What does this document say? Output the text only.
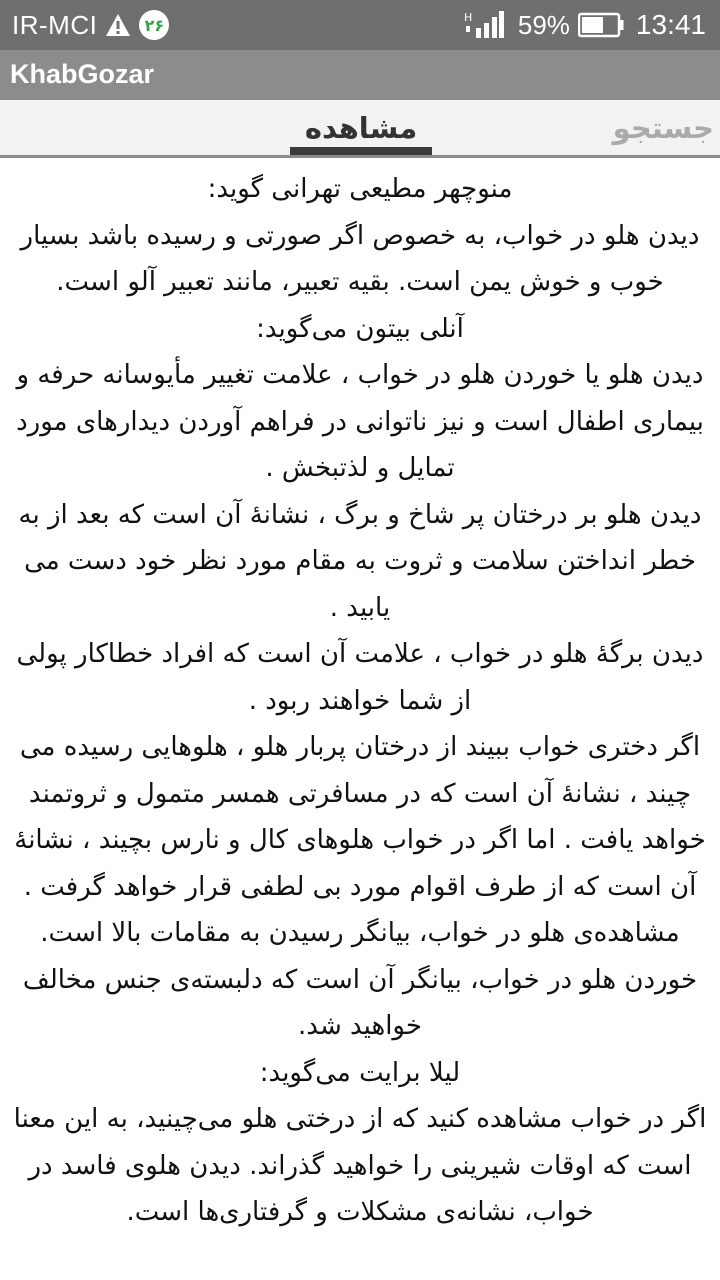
IR-MCI	۲۶	H 59% 13:41
KhabGozar
مشاهده	جستجو

منوچهر مطیعی تهرانی گوید:

دیدن هلو در خواب، به خصوص اگر صورتی و رسیده باشد بسیار خوب و خوش یمن است. بقیه تعبیر، مانند تعبیر آلو است.

آنلی بیتون می‌گوید:

دیدن هلو یا خوردن هلو در خواب ، علامت تغییر مأیوسانه حرفه و بیماری اطفال است و نیز ناتوانی در فراهم آوردن دیدارهای مورد تمایل و لذتبخش .

دیدن هلو بر درختان پر شاخ و برگ ، نشانهٔ آن است که بعد از به خطر انداختن سلامت و ثروت به مقام مورد نظر خود دست می یابید .

دیدن برگهٔ هلو در خواب ، علامت آن است که افراد خطاکار پولی از شما خواهند ربود .

اگر دختری خواب ببیند از درختان پربار هلو ، هلوهایی رسیده می چیند ، نشانهٔ آن است که در مسافرتی همسر متمول و ثروتمند خواهد یافت . اما اگر در خواب هلوهای کال و نارس بچیند ، نشانهٔ آن است که از طرف اقوام مورد بی لطفی قرار خواهد گرفت .

مشاهده‌ی هلو در خواب، بیانگر رسیدن به مقامات بالا است.

خوردن هلو در خواب، بیانگر آن است که دلبسته‌ی جنس مخالف خواهید شد.

لیلا برایت می‌گوید:

اگر در خواب مشاهده کنید که از درختی هلو می‌چینید، به این معنا است که اوقات شیرینی را خواهید گذراند. دیدن هلوی فاسد در خواب، نشانه‌ی مشکلات و گرفتاری‌ها است.
